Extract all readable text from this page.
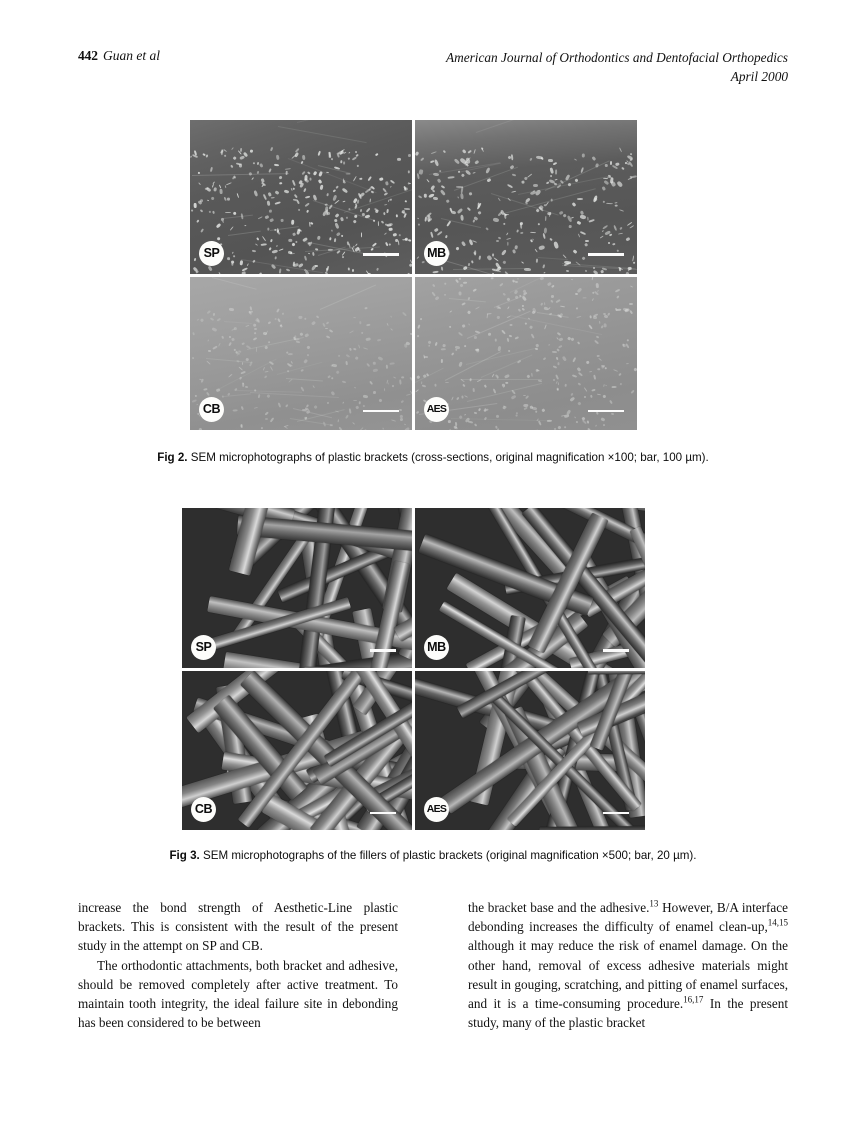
442 Guan et al	American Journal of Orthodontics and Dentofacial Orthopedics
April 2000
SP	MB
CB	AES
Fig 2. SEM microphotographs of plastic brackets (cross-sections, original magnification ×100; bar, 100 µm).
SP	MB
CB	AES
Fig 3. SEM microphotographs of the fillers of plastic brackets (original magnification ×500; bar, 20 µm).

increase the bond strength of Aesthetic-Line plastic brackets. This is consistent with the result of the present study in the attempt on SP and CB.

The orthodontic attachments, both bracket and adhesive, should be removed completely after active treatment. To maintain tooth integrity, the ideal failure site in debonding has been considered to be between

the bracket base and the adhesive.$^{13}$ However, B/A interface debonding increases the difficulty of enamel clean-up,$^{14,15}$ although it may reduce the risk of enamel damage. On the other hand, removal of excess adhesive materials might result in gouging, scratching, and pitting of enamel surfaces, and it is a time-consuming procedure.$^{16,17}$ In the present study, many of the plastic bracket
